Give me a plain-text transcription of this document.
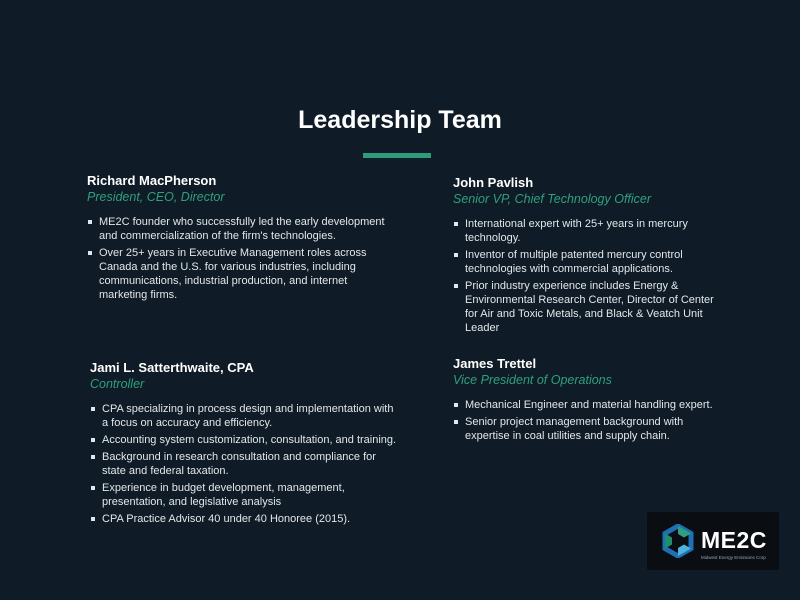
Leadership Team
Richard MacPherson
President, CEO, Director
ME2C founder who successfully led the early development and commercialization of the firm's technologies.
Over 25+ years in Executive Management roles across Canada and the U.S. for various industries, including communications, industrial production, and internet marketing firms.
John Pavlish
Senior VP, Chief Technology Officer
International expert with 25+ years in mercury technology.
Inventor of multiple patented mercury control technologies with commercial applications.
Prior industry experience includes Energy & Environmental Research Center, Director of Center for Air and Toxic Metals, and Black & Veatch Unit Leader
Jami L. Satterthwaite, CPA
Controller
CPA specializing in process design and implementation with a focus on accuracy and efficiency.
Accounting system customization, consultation, and training.
Background in research consultation and compliance for state and federal taxation.
Experience in budget development, management, presentation, and legislative analysis
CPA Practice Advisor 40 under 40 Honoree (2015).
James Trettel
Vice President of Operations
Mechanical Engineer and material handling expert.
Senior project management background with expertise in coal utilities and supply chain.
ME2C
Midwest Energy Emissions Corp
